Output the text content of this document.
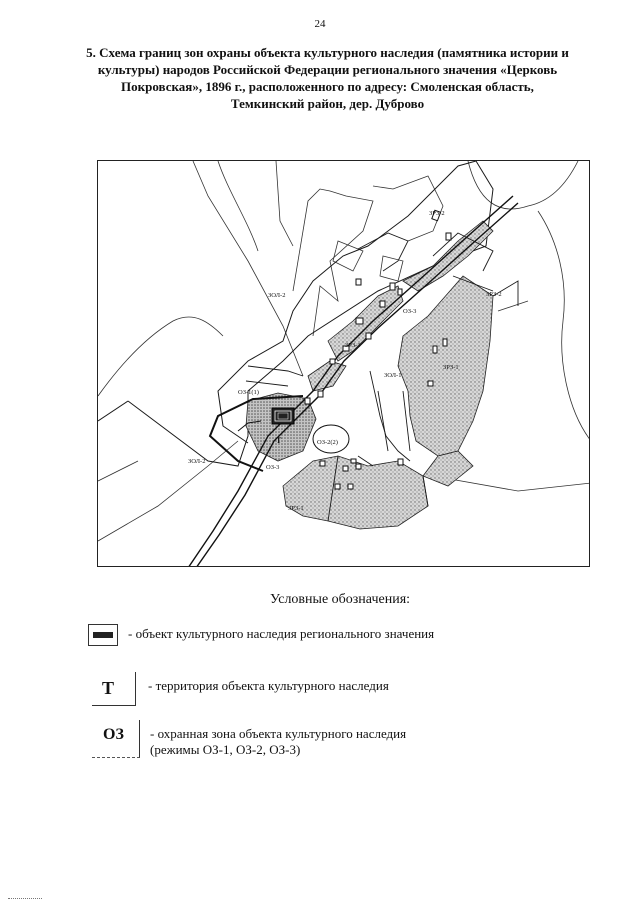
24
5. Схема границ зон охраны объекта культурного наследия (памятника истории и
культуры) народов Российской Федерации регионального значения «Церковь
Покровская», 1896 г., расположенного по адресу: Смоленская область,
Темкинский район, дер. Дуброво
ЗРЗ-2
ЗРЗ-2
ЗОЛ-2
ЗОЛ-2
ЗОЛ-1
ЗРЗ-1
ЗРЗ-1
ЗРЗ-1
ОЗ-1(1)
ОЗ-2(2)
ОЗ-3
ОЗ-3
Т
Условные обозначения:
- объект культурного наследия регионального значения
Т	- территория объекта культурного наследия
ОЗ - охранная зона объекта культурного наследия
(режимы ОЗ-1, ОЗ-2, ОЗ-3)
